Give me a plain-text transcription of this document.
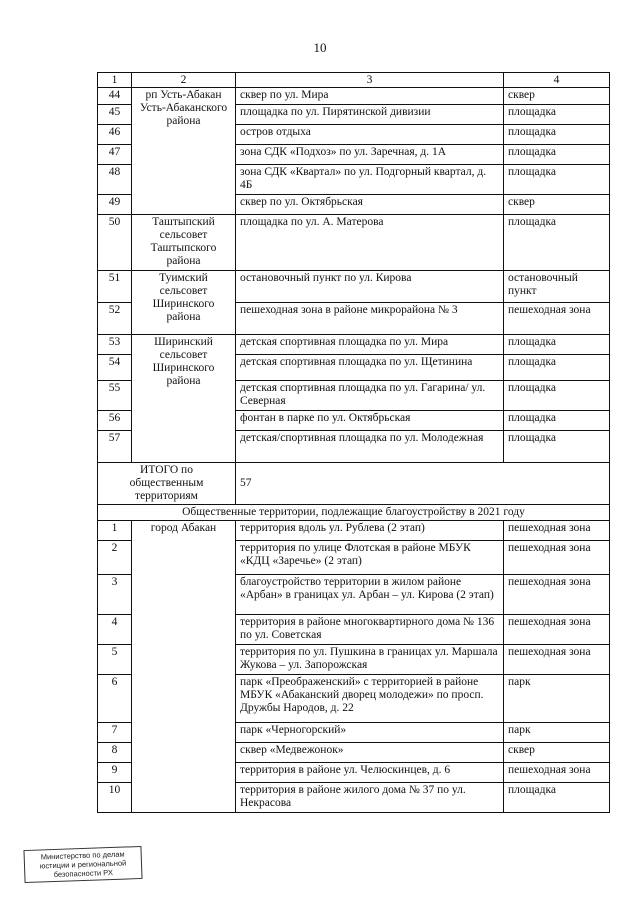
10
1	2	3	4
44	рп Усть-Абакан Усть-Абаканского района	сквер по ул. Мира	сквер
45		площадка по ул. Пирятинской дивизии	площадка
46		остров отдыха	площадка
47		зона СДК «Подхоз» по ул. Заречная, д. 1А	площадка
48		зона СДК «Квартал» по ул. Подгорный квартал, д. 4Б	площадка
49		сквер по ул. Октябрьская	сквер
50	Таштыпский сельсовет Таштыпского района	площадка по ул. А. Матерова	площадка
51	Туимский сельсовет Ширинского района	остановочный пункт по ул. Кирова	остановочный пункт
52		пешеходная зона в районе микрорайона № 3	пешеходная зона
53	Ширинский сельсовет Ширинского района	детская спортивная площадка по ул. Мира	площадка
54		детская спортивная площадка по ул. Щетинина	площадка
55		детская спортивная площадка по ул. Гагарина/ ул. Северная	площадка
56		фонтан в парке по ул. Октябрьская	площадка
57		детская/спортивная площадка по ул. Молодежная	площадка
ИТОГО по общественным территориям		57	
Общественные территории, подлежащие благоустройству в 2021 году			
1	город Абакан	территория вдоль ул. Рублева (2 этап)	пешеходная зона
2		территория по улице Флотская в районе МБУК «КДЦ «Заречье» (2 этап)	пешеходная зона
3		благоустройство территории в жилом районе «Арбан» в границах ул. Арбан – ул. Кирова (2 этап)	пешеходная зона
4		территория в районе многоквартирного дома № 136 по ул. Советская	пешеходная зона
5		территория по ул. Пушкина в границах ул. Маршала Жукова – ул. Запорожская	пешеходная зона
6		парк «Преображенский» с территорией в районе МБУК «Абаканский дворец молодежи» по просп. Дружбы Народов, д. 22	парк
7		парк «Черногорский»	парк
8		сквер «Медвежонок»	сквер
9		территория в районе ул. Челюскинцев, д. 6	пешеходная зона
10		территория в районе жилого дома № 37 по ул. Некрасова	площадка
Министерство по делам юстиции и региональной безопасности РХ
